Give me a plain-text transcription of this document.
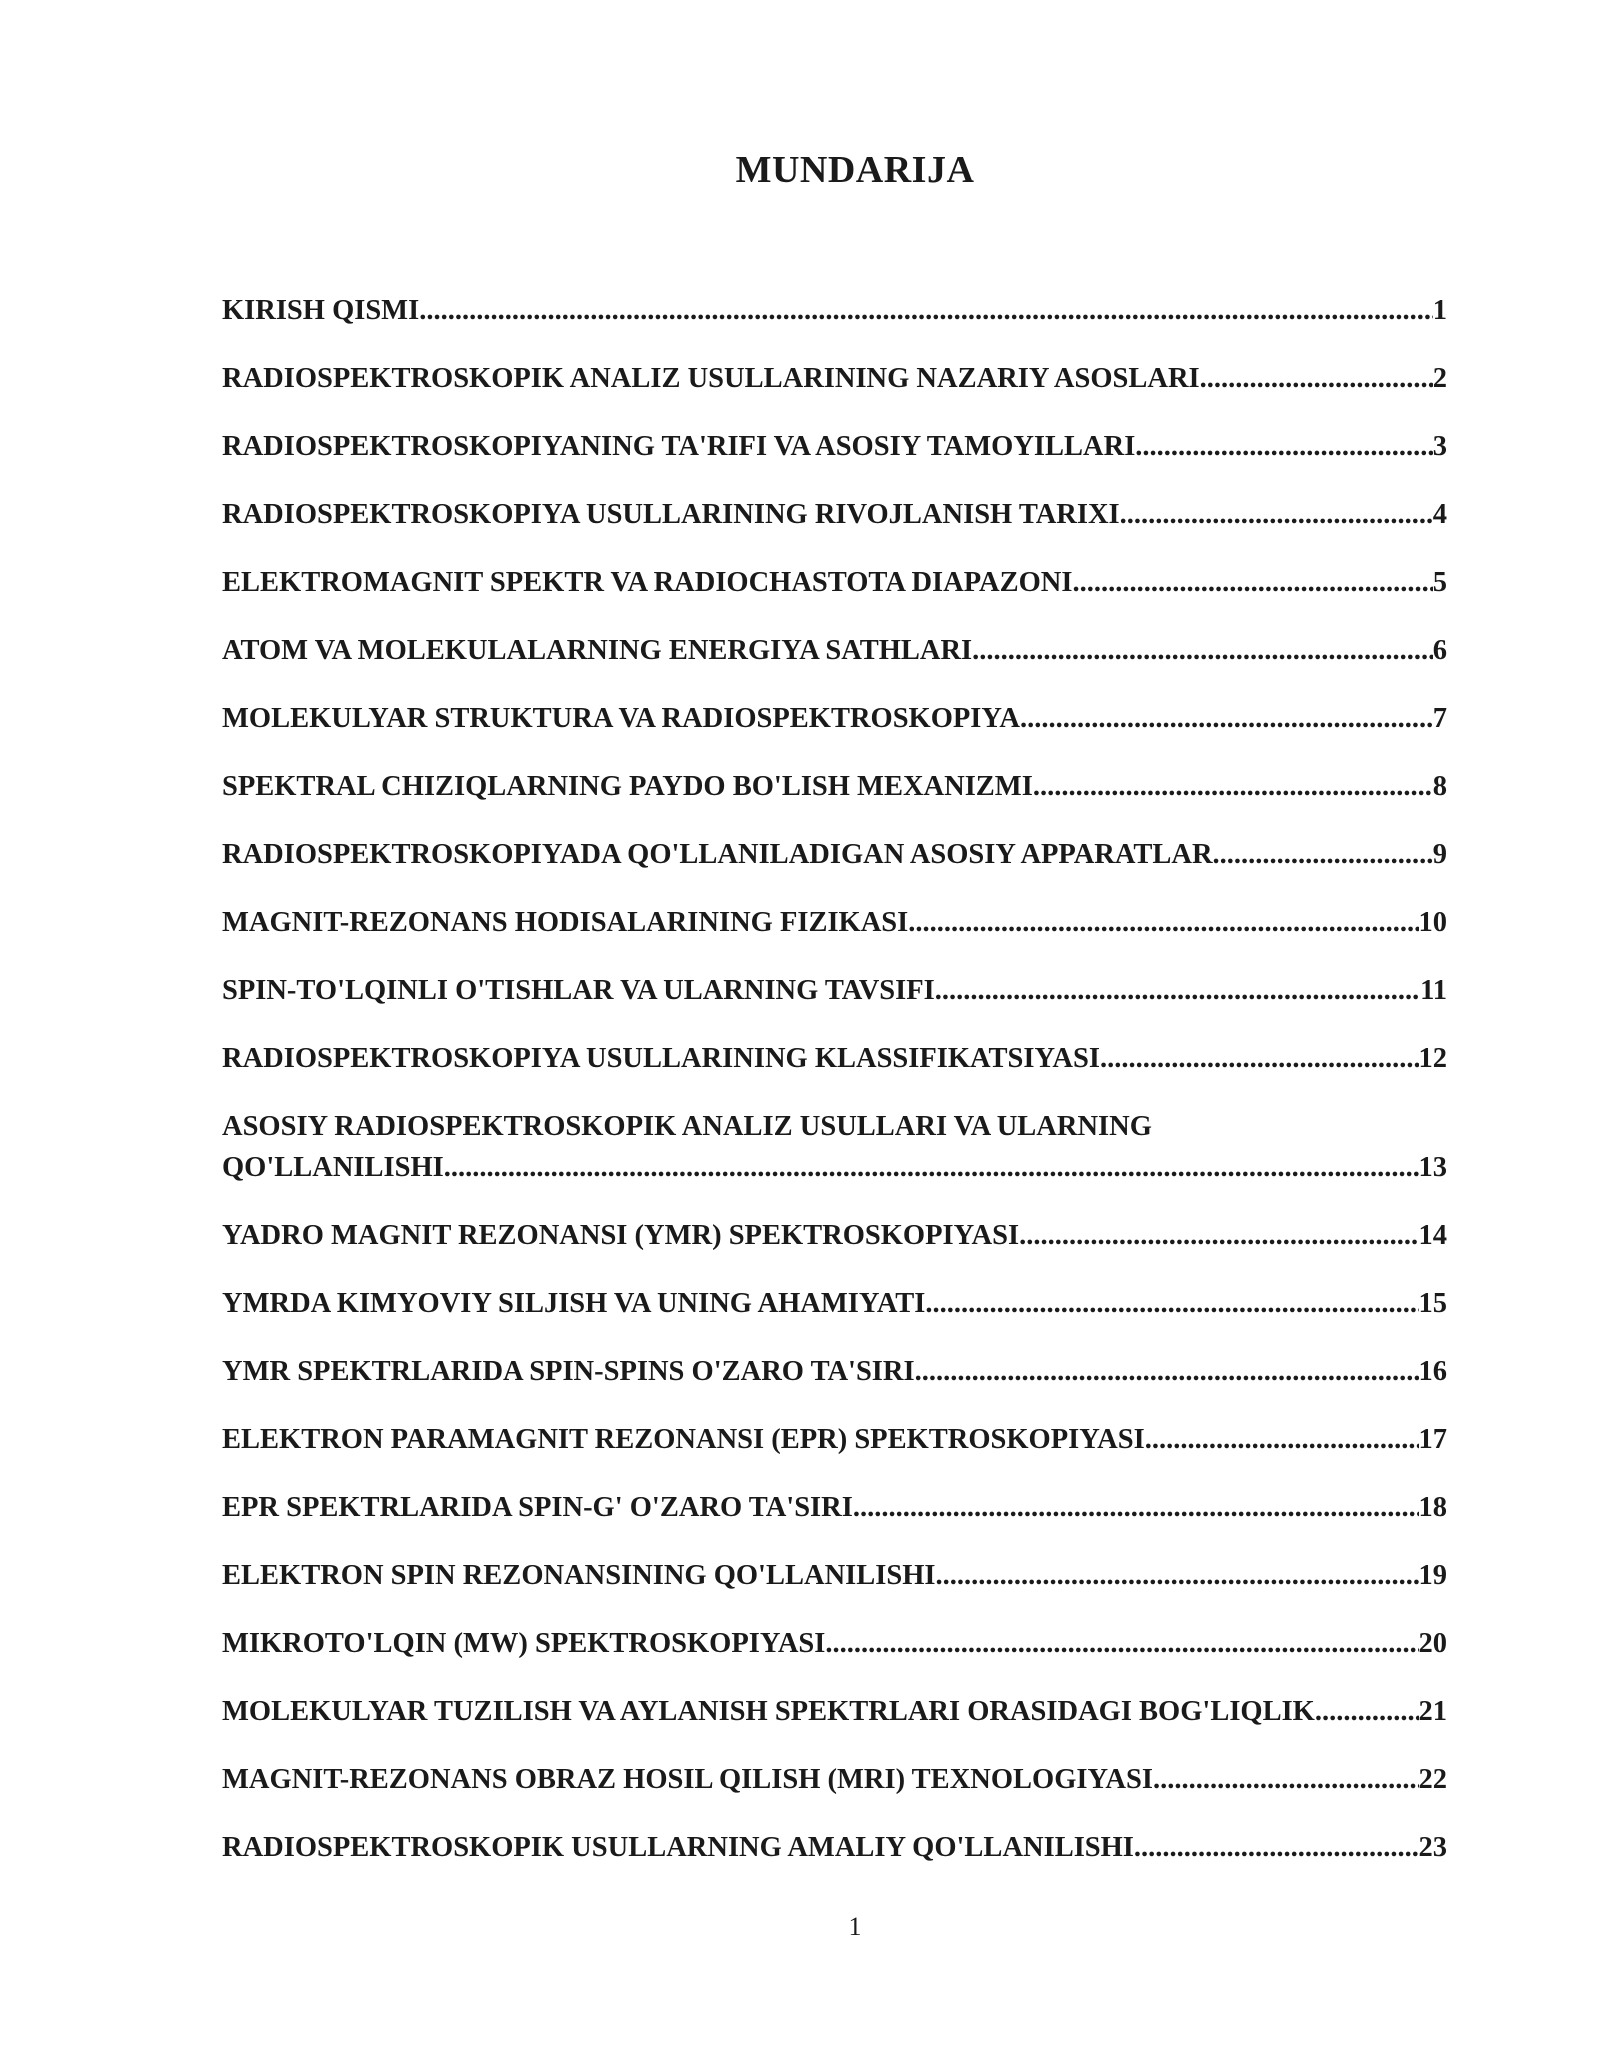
MUNDARIJA
KIRISH QISMI .....	1
RADIOSPEKTROSKOPIK ANALIZ USULLARINING NAZARIY ASOSLARI .....	2
RADIOSPEKTROSKOPIYANING TA'RIFI VA ASOSIY TAMOYILLARI .....	3
RADIOSPEKTROSKOPIYA USULLARINING RIVOJLANISH TARIXI .....	4
ELEKTROMAGNIT SPEKTR VA RADIOCHASTOTA DIAPAZONI .....	5
ATOM VA MOLEKULALARNING ENERGIYA SATHLARI .....	6
MOLEKULYAR STRUKTURA VA RADIOSPEKTROSKOPIYA .....	7
SPEKTRAL CHIZIQLARNING PAYDO BO'LISH MEXANIZMI .....	8
RADIOSPEKTROSKOPIYADA QO'LLANILADIGAN ASOSIY APPARATLAR .....	9
MAGNIT-REZONANS HODISALARINING FIZIKASI .....	10
SPIN-TO'LQINLI O'TISHLAR VA ULARNING TAVSIFI .....	11
RADIOSPEKTROSKOPIYA USULLARINING KLASSIFIKATSIYASI .....	12
ASOSIY RADIOSPEKTROSKOPIK ANALIZ USULLARI VA ULARNING
QO'LLANILISHI .....	13
YADRO MAGNIT REZONANSI (YMR) SPEKTROSKOPIYASI .....	14
YMRDA KIMYOVIY SILJISH VA UNING AHAMIYATI .....	15
YMR SPEKTRLARIDA SPIN-SPINS O'ZARO TA'SIRI .....	16
ELEKTRON PARAMAGNIT REZONANSI (EPR) SPEKTROSKOPIYASI .....	17
EPR SPEKTRLARIDA SPIN-G' O'ZARO TA'SIRI .....	18
ELEKTRON SPIN REZONANSINING QO'LLANILISHI .....	19
MIKROTO'LQIN (MW) SPEKTROSKOPIYASI .....	20
MOLEKULYAR TUZILISH VA AYLANISH SPEKTRLARI ORASIDAGI BOG'LIQLIK .....	21
MAGNIT-REZONANS OBRAZ HOSIL QILISH (MRI) TEXNOLOGIYASI .....	22
RADIOSPEKTROSKOPIK USULLARNING AMALIY QO'LLANILISHI .....	23
1
